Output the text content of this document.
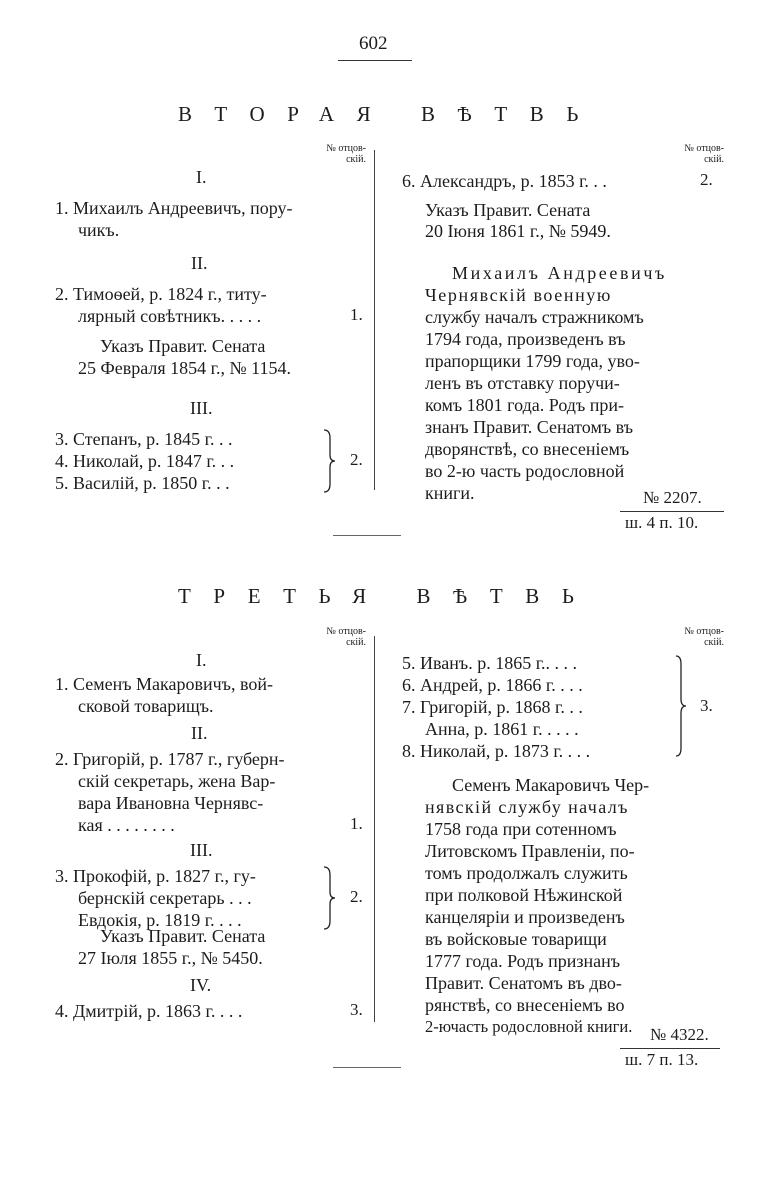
602
ВТОРАЯ ВѢТВЬ
№ отцов-
скій.
№ отцов-
скій.
I.
1. Михаилъ Андреевичъ, пору-
чикъ.
II.
2. Тимоѳей, р. 1824 г., титу-
лярный совѣтникъ. . . . .	1.
Указъ Правит. Сената
25 Февраля 1854 г., № 1154.
III.
3. Степанъ, р. 1845 г. . .
4. Николай, р. 1847 г. . .
5. Василій, р. 1850 г. . .
2.
6. Александръ, р. 1853 г. . .	2.
Указъ Правит. Сената
20 Іюня 1861 г., № 5949.
Михаилъ Андреевичъ
Чернявскій военную
службу началъ стражникомъ
1794 года, произведенъ въ
прапорщики 1799 года, уво-
ленъ въ отставку поручи-
комъ 1801 года. Родъ при-
знанъ Правит. Сенатомъ въ
дворянствѣ, со внесеніемъ
во 2-ю часть родословной
книги.	№ 2207.
ш. 4 п. 10.
ТРЕТЬЯ ВѢТВЬ
№ отцов-
скій.
№ отцов-
скій.
I.
1. Семенъ Макаровичъ, вой-
сковой товарищъ.
II.
2. Григорій, р. 1787 г., губерн-
скій секретарь, жена Вар-
вара Ивановна Чернявс-
кая . . . . . . . .	1.
III.
3. Прокофій, р. 1827 г., гу-
бернскій секретарь . . .
Евдокія, р. 1819 г. . . .
2.
Указъ Правит. Сената
27 Іюля 1855 г., № 5450.
IV.
4. Дмитрій, р. 1863 г. . . .	3.
5. Иванъ. р. 1865 г.. . . .
6. Андрей, р. 1866 г. . . .
7. Григорій, р. 1868 г. . .
Анна, р. 1861 г. . . . .
8. Николай, р. 1873 г. . . .
3.
Семенъ Макаровичъ Чер-
нявскій службу началъ
1758 года при сотенномъ
Литовскомъ Правленіи, по-
томъ продолжалъ служить
при полковой Нѣжинской
канцеляріи и произведенъ
въ войсковые товарищи
1777 года. Родъ признанъ
Правит. Сенатомъ въ дво-
рянствѣ, со внесеніемъ во
2-ючасть родословной книги. № 4322.
ш. 7 п. 13.
